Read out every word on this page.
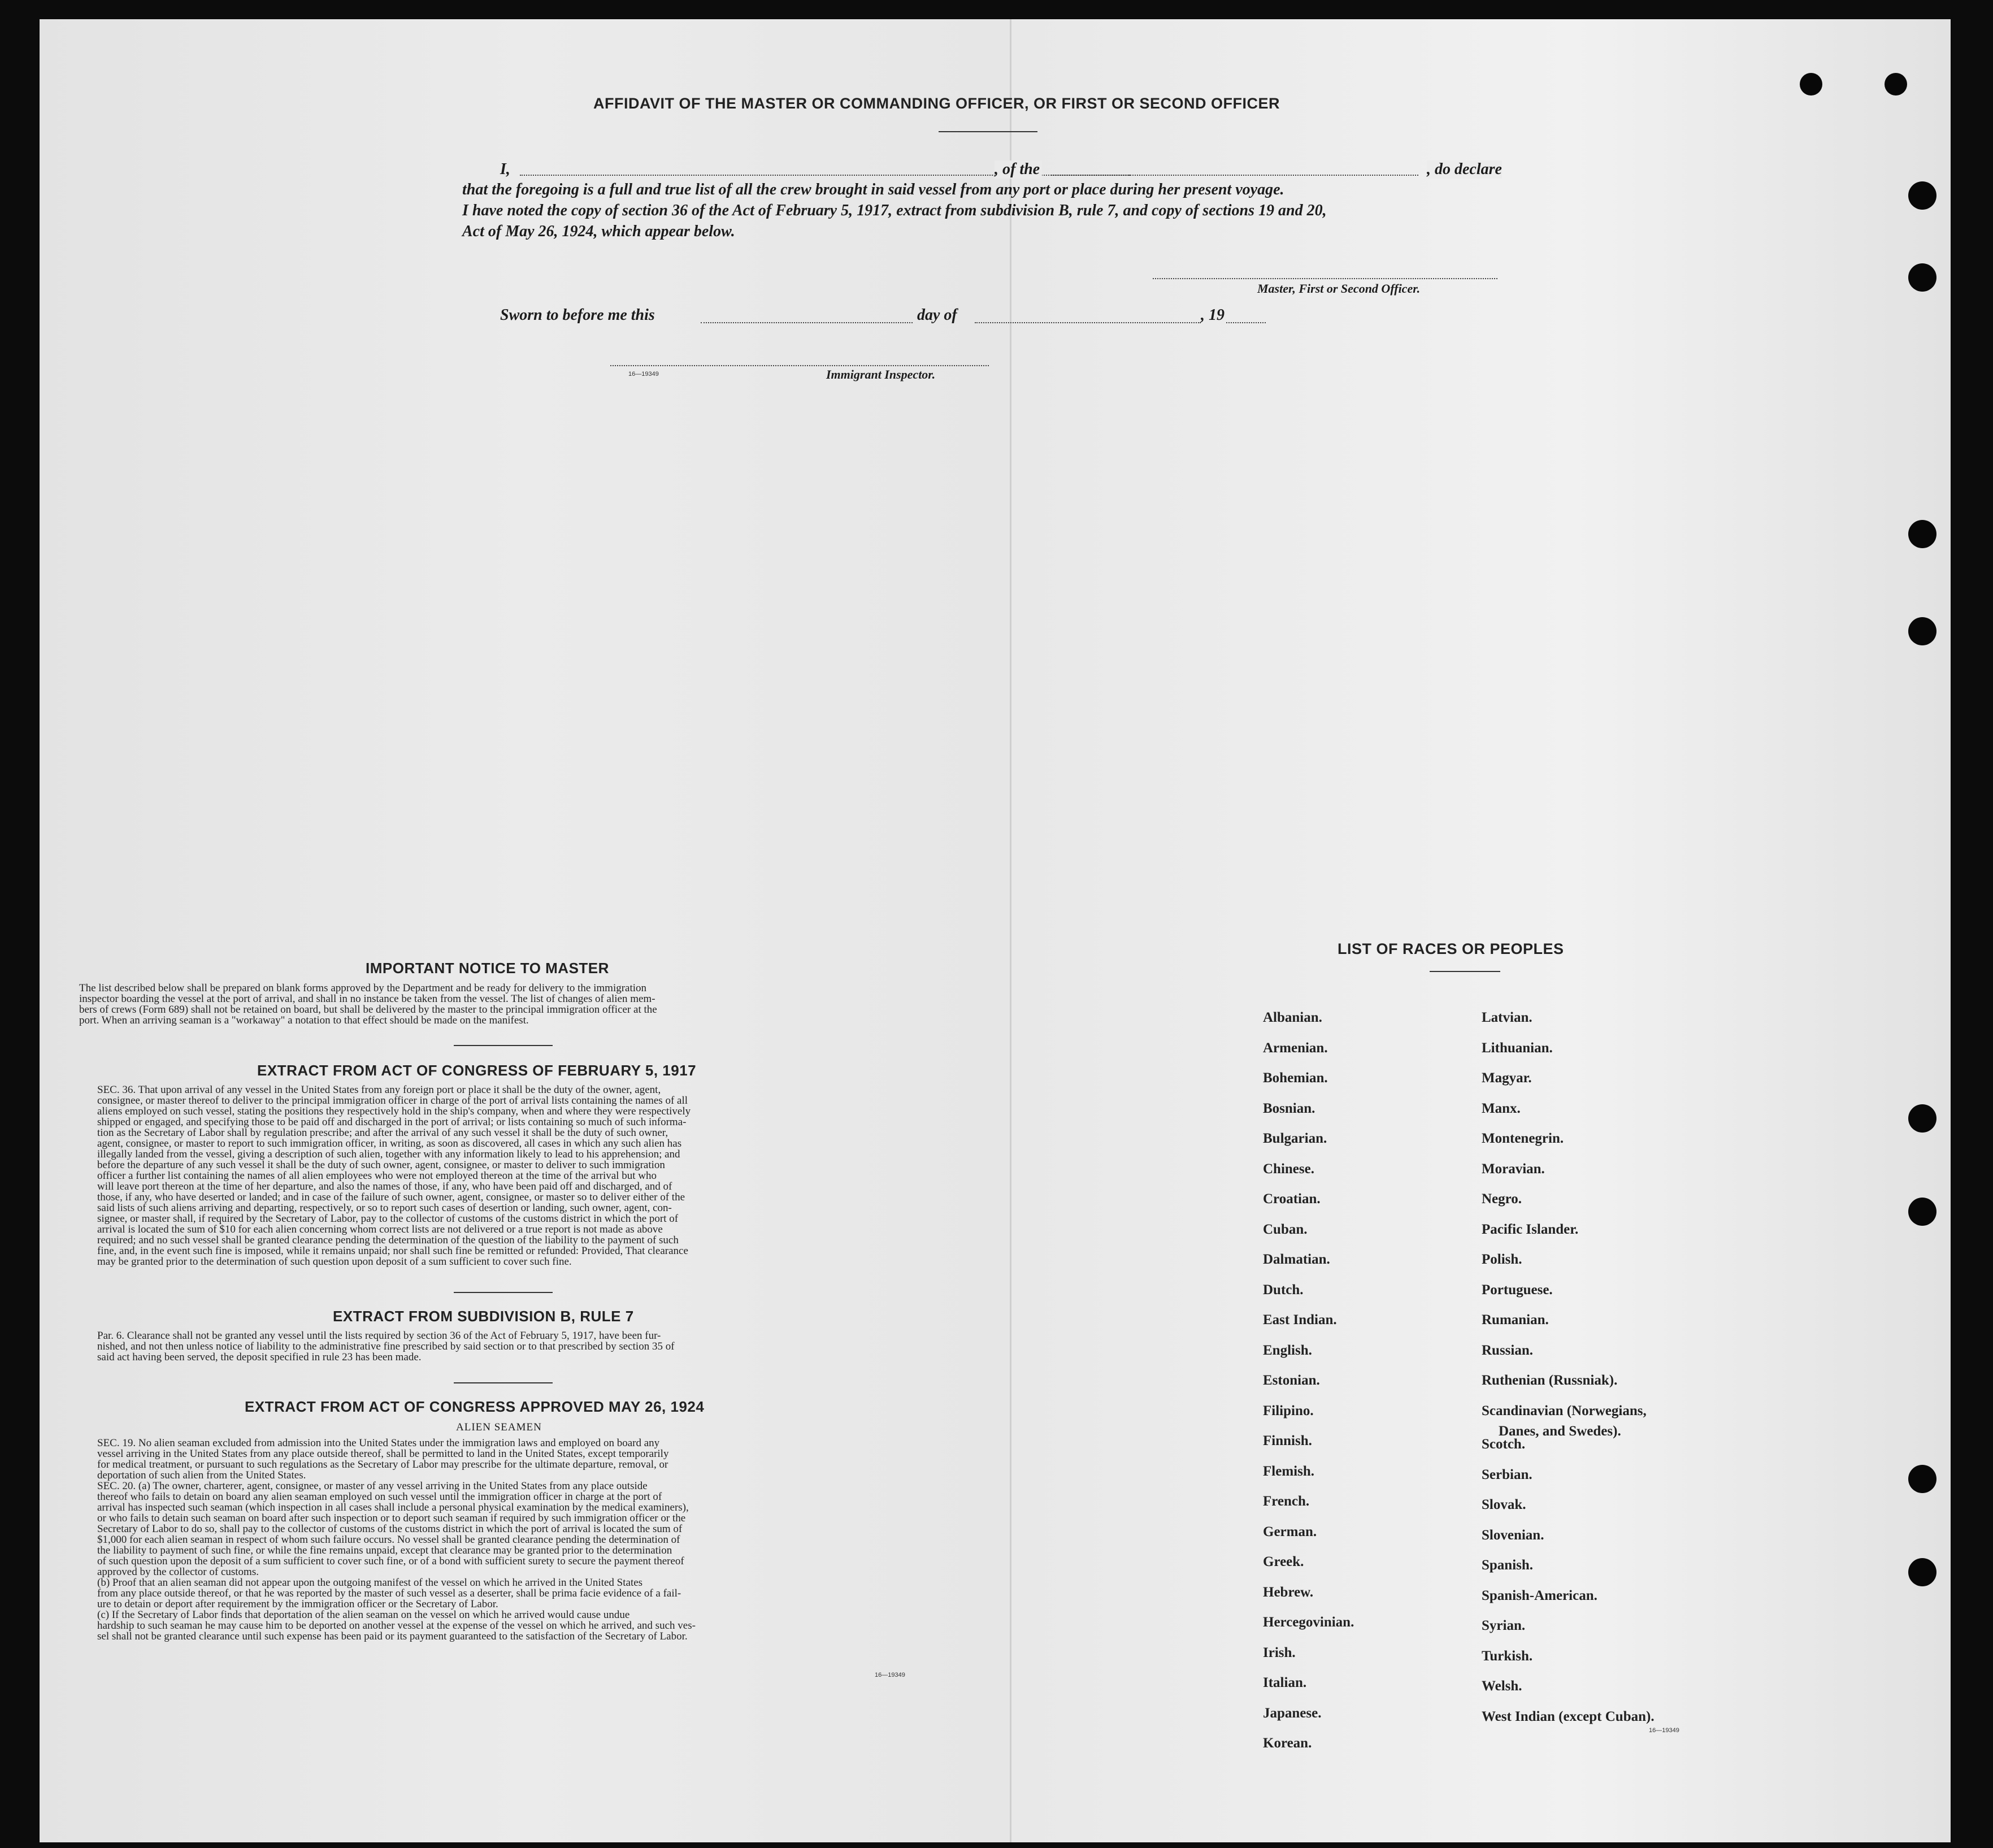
AFFIDAVIT OF THE MASTER OR COMMANDING OFFICER, OR FIRST OR SECOND OFFICER
I,	, of the	, do declare
that the foregoing is a full and true list of all the crew brought in said vessel from any port or place during her present voyage.
I have noted the copy of section 36 of the Act of February 5, 1917, extract from subdivision B, rule 7, and copy of sections 19 and 20,
Act of May 26, 1924, which appear below.
Master, First or Second Officer.
Sworn to before me this	day of	, 19
16—19349	Immigrant Inspector.
IMPORTANT NOTICE TO MASTER
The list described below shall be prepared on blank forms approved by the Department and be ready for delivery to the immigration
inspector boarding the vessel at the port of arrival, and shall in no instance be taken from the vessel. The list of changes of alien mem-
bers of crews (Form 689) shall not be retained on board, but shall be delivered by the master to the principal immigration officer at the
port. When an arriving seaman is a "workaway" a notation to that effect should be made on the manifest.
EXTRACT FROM ACT OF CONGRESS OF FEBRUARY 5, 1917
SEC. 36. That upon arrival of any vessel in the United States from any foreign port or place it shall be the duty of the owner, agent,
consignee, or master thereof to deliver to the principal immigration officer in charge of the port of arrival lists containing the names of all
aliens employed on such vessel, stating the positions they respectively hold in the ship's company, when and where they were respectively
shipped or engaged, and specifying those to be paid off and discharged in the port of arrival; or lists containing so much of such informa-
tion as the Secretary of Labor shall by regulation prescribe; and after the arrival of any such vessel it shall be the duty of such owner,
agent, consignee, or master to report to such immigration officer, in writing, as soon as discovered, all cases in which any such alien has
illegally landed from the vessel, giving a description of such alien, together with any information likely to lead to his apprehension; and
before the departure of any such vessel it shall be the duty of such owner, agent, consignee, or master to deliver to such immigration
officer a further list containing the names of all alien employees who were not employed thereon at the time of the arrival but who
will leave port thereon at the time of her departure, and also the names of those, if any, who have been paid off and discharged, and of
those, if any, who have deserted or landed; and in case of the failure of such owner, agent, consignee, or master so to deliver either of the
said lists of such aliens arriving and departing, respectively, or so to report such cases of desertion or landing, such owner, agent, con-
signee, or master shall, if required by the Secretary of Labor, pay to the collector of customs of the customs district in which the port of
arrival is located the sum of $10 for each alien concerning whom correct lists are not delivered or a true report is not made as above
required; and no such vessel shall be granted clearance pending the determination of the question of the liability to the payment of such
fine, and, in the event such fine is imposed, while it remains unpaid; nor shall such fine be remitted or refunded: Provided, That clearance
may be granted prior to the determination of such question upon deposit of a sum sufficient to cover such fine.
EXTRACT FROM SUBDIVISION B, RULE 7
Par. 6. Clearance shall not be granted any vessel until the lists required by section 36 of the Act of February 5, 1917, have been fur-
nished, and not then unless notice of liability to the administrative fine prescribed by said section or to that prescribed by section 35 of
said act having been served, the deposit specified in rule 23 has been made.
EXTRACT FROM ACT OF CONGRESS APPROVED MAY 26, 1924
ALIEN SEAMEN
SEC. 19. No alien seaman excluded from admission into the United States under the immigration laws and employed on board any
vessel arriving in the United States from any place outside thereof, shall be permitted to land in the United States, except temporarily
for medical treatment, or pursuant to such regulations as the Secretary of Labor may prescribe for the ultimate departure, removal, or
deportation of such alien from the United States.
SEC. 20. (a) The owner, charterer, agent, consignee, or master of any vessel arriving in the United States from any place outside
thereof who fails to detain on board any alien seaman employed on such vessel until the immigration officer in charge at the port of
arrival has inspected such seaman (which inspection in all cases shall include a personal physical examination by the medical examiners),
or who fails to detain such seaman on board after such inspection or to deport such seaman if required by such immigration officer or the
Secretary of Labor to do so, shall pay to the collector of customs of the customs district in which the port of arrival is located the sum of
$1,000 for each alien seaman in respect of whom such failure occurs. No vessel shall be granted clearance pending the determination of
the liability to payment of such fine, or while the fine remains unpaid, except that clearance may be granted prior to the determination
of such question upon the deposit of a sum sufficient to cover such fine, or of a bond with sufficient surety to secure the payment thereof
approved by the collector of customs.
(b) Proof that an alien seaman did not appear upon the outgoing manifest of the vessel on which he arrived in the United States
from any place outside thereof, or that he was reported by the master of such vessel as a deserter, shall be prima facie evidence of a fail-
ure to detain or deport after requirement by the immigration officer or the Secretary of Labor.
(c) If the Secretary of Labor finds that deportation of the alien seaman on the vessel on which he arrived would cause undue
hardship to such seaman he may cause him to be deported on another vessel at the expense of the vessel on which he arrived, and such ves-
sel shall not be granted clearance until such expense has been paid or its payment guaranteed to the satisfaction of the Secretary of Labor.
16—19349
LIST OF RACES OR PEOPLES
16—19349
Albanian.
Armenian.
Bohemian.
Bosnian.
Bulgarian.
Chinese.
Croatian.
Cuban.
Dalmatian.
Dutch.
East Indian.
English.
Estonian.
Filipino.
Finnish.
Flemish.
French.
German.
Greek.
Hebrew.
Hercegovinian.
Irish.
Italian.
Japanese.
Korean.
Latvian.
Lithuanian.
Magyar.
Manx.
Montenegrin.
Moravian.
Negro.
Pacific Islander.
Polish.
Portuguese.
Rumanian.
Russian.
Ruthenian (Russniak).
Scandinavian (Norwegians,
Danes, and Swedes).
Scotch.
Serbian.
Slovak.
Slovenian.
Spanish.
Spanish-American.
Syrian.
Turkish.
Welsh.
West Indian (except Cuban).
